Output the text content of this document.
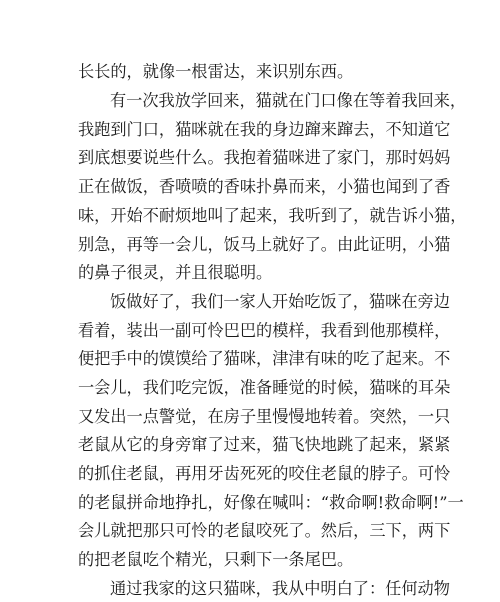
长长的，就像一根雷达，来识别东西。

有一次我放学回来，猫就在门口像在等着我回来，

我跑到门口，猫咪就在我的身边蹿来蹿去，不知道它

到底想要说些什么。我抱着猫咪进了家门，那时妈妈

正在做饭，香喷喷的香味扑鼻而来，小猫也闻到了香

味，开始不耐烦地叫了起来，我听到了，就告诉小猫，

别急，再等一会儿，饭马上就好了。由此证明，小猫

的鼻子很灵，并且很聪明。

饭做好了，我们一家人开始吃饭了，猫咪在旁边

看着，装出一副可怜巴巴的模样，我看到他那模样，

便把手中的馍馍给了猫咪，津津有味的吃了起来。不

一会儿，我们吃完饭，准备睡觉的时候，猫咪的耳朵

又发出一点警觉，在房子里慢慢地转着。突然，一只

老鼠从它的身旁窜了过来，猫飞快地跳了起来，紧紧

的抓住老鼠，再用牙齿死死的咬住老鼠的脖子。可怜

的老鼠拼命地挣扎，好像在喊叫：“救命啊!救命啊!”一

会儿就把那只可怜的老鼠咬死了。然后，三下，两下

的把老鼠吃个精光，只剩下一条尾巴。

通过我家的这只猫咪，我从中明白了：任何动物
